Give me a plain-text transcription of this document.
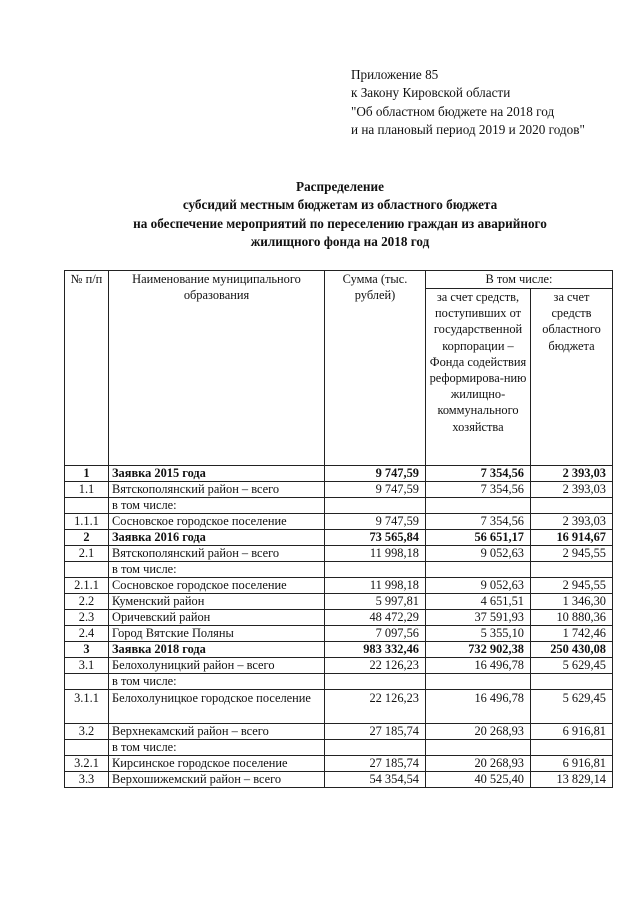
Приложение 85
к Закону Кировской области
"Об областном бюджете на 2018 год
и на плановый период 2019 и 2020 годов"
Распределение
субсидий местным бюджетам из областного бюджета
на обеспечение мероприятий по переселению граждан из аварийного
жилищного фонда на 2018 год
№ п/п	Наименование муниципального образования	Сумма (тыс. рублей)	В том числе:	
			за счет средств, поступивших от государственной корпорации – Фонда содействия реформирова-нию жилищно-коммунального хозяйства	за счет средств областного бюджета
1	Заявка 2015 года	9 747,59	7 354,56	2 393,03
1.1	Вятскополянский район – всего	9 747,59	7 354,56	2 393,03
	в том числе:			
1.1.1	Сосновское городское поселение	9 747,59	7 354,56	2 393,03
2	Заявка 2016 года	73 565,84	56 651,17	16 914,67
2.1	Вятскополянский район – всего	11 998,18	9 052,63	2 945,55
	в том числе:			
2.1.1	Сосновское городское поселение	11 998,18	9 052,63	2 945,55
2.2	Куменский район	5 997,81	4 651,51	1 346,30
2.3	Оричевский район	48 472,29	37 591,93	10 880,36
2.4	Город Вятские Поляны	7 097,56	5 355,10	1 742,46
3	Заявка 2018 года	983 332,46	732 902,38	250 430,08
3.1	Белохолуницкий район – всего	22 126,23	16 496,78	5 629,45
	в том числе:			
3.1.1	Белохолуницкое городское поселение	22 126,23	16 496,78	5 629,45
3.2	Верхнекамский район – всего	27 185,74	20 268,93	6 916,81
	в том числе:			
3.2.1	Кирсинское городское поселение	27 185,74	20 268,93	6 916,81
3.3	Верхошижемский район – всего	54 354,54	40 525,40	13 829,14
